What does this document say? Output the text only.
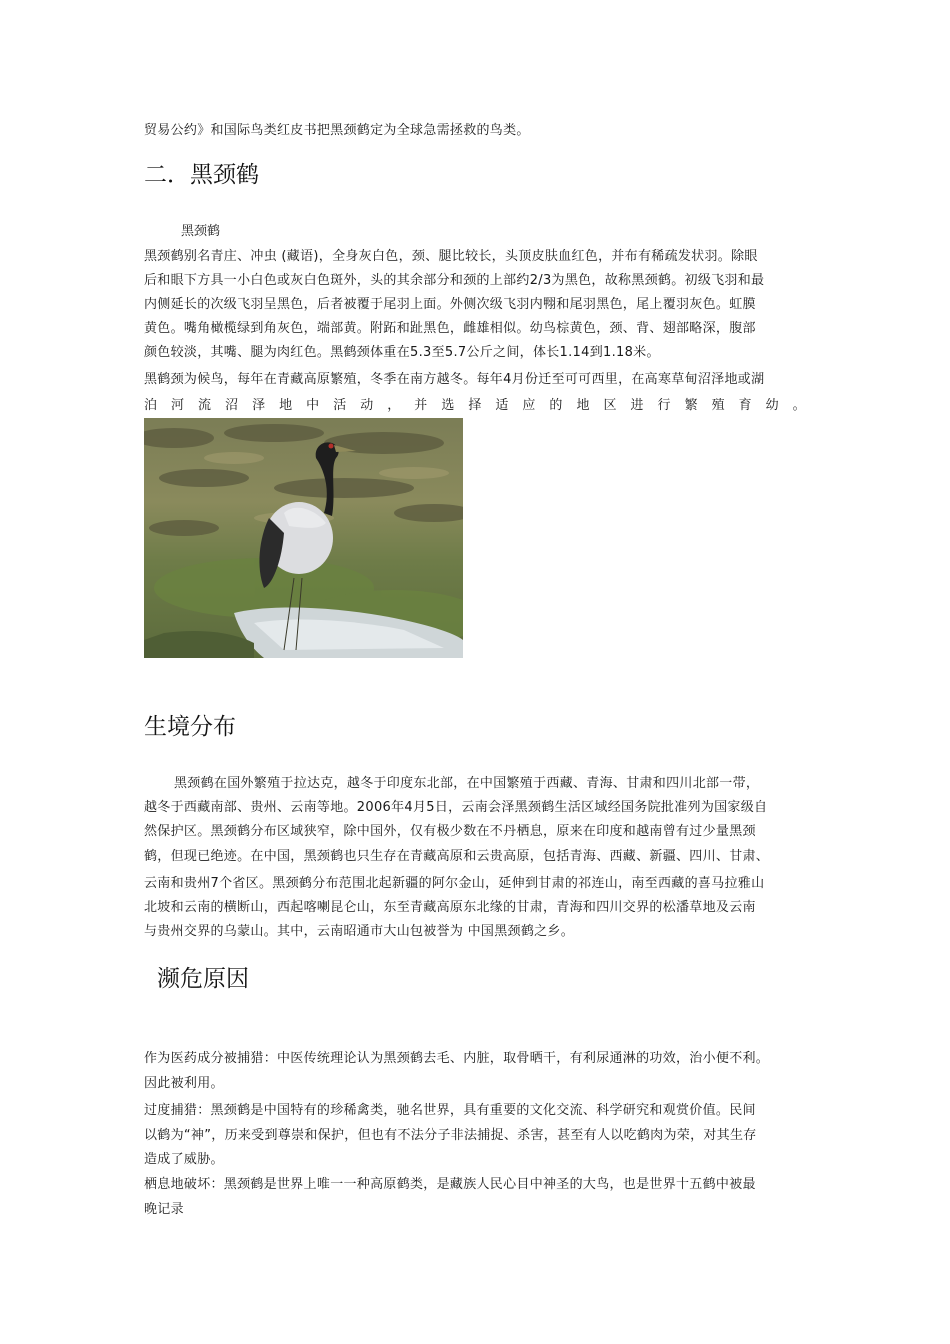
贸易公约》和国际鸟类红皮书把黑颈鹤定为全球急需拯救的鸟类。
二．黑颈鹤
黑颈鹤
黑颈鹤别名青庄、冲虫 (藏语)，全身灰白色，颈、腿比较长，头顶皮肤血红色，并布有稀疏发状羽。除眼
后和眼下方具一小白色或灰白色斑外，头的其余部分和颈的上部约2/3为黑色，故称黑颈鹤。初级飞羽和最
内侧延长的次级飞羽呈黑色，后者被覆于尾羽上面。外侧次级飞羽内翈和尾羽黑色，尾上覆羽灰色。虹膜
黄色。嘴角橄榄绿到角灰色，端部黄。附跖和趾黑色，雌雄相似。幼鸟棕黄色，颈、背、翅部略深，腹部
颜色较淡，其嘴、腿为肉红色。黑鹤颈体重在5.3至5.7公斤之间，体长1.14到1.18米。
黑鹤颈为候鸟，每年在青藏高原繁殖，冬季在南方越冬。每年4月份迁至可可西里，在高寒草甸沼泽地或湖
泊河流沼泽地中活动，并选择适应的地区进行繁殖育幼。
生境分布
黑颈鹤在国外繁殖于拉达克，越冬于印度东北部，在中国繁殖于西藏、青海、甘肃和四川北部一带，
越冬于西藏南部、贵州、云南等地。2006年4月5日，云南会泽黑颈鹤生活区域经国务院批准列为国家级自
然保护区。黑颈鹤分布区域狭窄，除中国外，仅有极少数在不丹栖息，原来在印度和越南曾有过少量黑颈
鹤，但现已绝迹。在中国，黑颈鹤也只生存在青藏高原和云贵高原，包括青海、西藏、新疆、四川、甘肃、
云南和贵州7个省区。黑颈鹤分布范围北起新疆的阿尔金山，延伸到甘肃的祁连山，南至西藏的喜马拉雅山
北坡和云南的横断山，西起喀喇昆仑山，东至青藏高原东北缘的甘肃，青海和四川交界的松潘草地及云南
与贵州交界的乌蒙山。其中，云南昭通市大山包被誉为 中国黑颈鹤之乡。
濒危原因
作为医药成分被捕猎：中医传统理论认为黑颈鹤去毛、内脏，取骨晒干，有利尿通淋的功效，治小便不利。
因此被利用。
过度捕猎：黑颈鹤是中国特有的珍稀禽类，驰名世界，具有重要的文化交流、科学研究和观赏价值。民间
以鹤为“神”，历来受到尊崇和保护，但也有不法分子非法捕捉、杀害，甚至有人以吃鹤肉为荣，对其生存
造成了威胁。
栖息地破坏：黑颈鹤是世界上唯一一种高原鹤类，是藏族人民心目中神圣的大鸟，也是世界十五鹤中被最
晚记录
